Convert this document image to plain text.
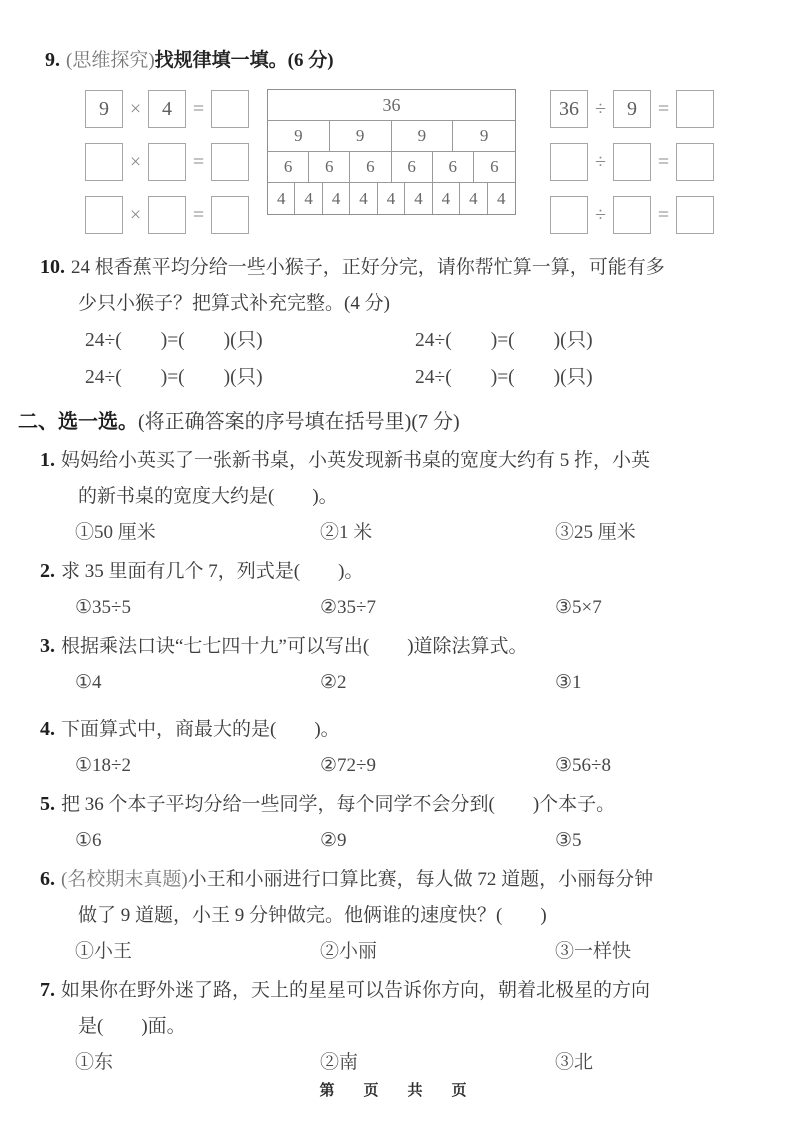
9. (思维探究)找规律填一填。(6 分)
9	×	4	=
×	=
×	=
36
9	9	9	9
6	6	6	6	6	6
4	4	4	4	4	4	4	4	4
36 ÷	9	=
÷	=
÷	=
10. 24 根香蕉平均分给一些小猴子，正好分完，请你帮忙算一算，可能有多
少只小猴子？把算式补充完整。(4 分)
24÷(　　)=(　　)(只)	24÷(　　)=(　　)(只)
24÷(　　)=(　　)(只)	24÷(　　)=(　　)(只)
二、选一选。(将正确答案的序号填在括号里)(7 分)
1. 妈妈给小英买了一张新书桌，小英发现新书桌的宽度大约有 5 拃，小英
的新书桌的宽度大约是(　　)。
①50 厘米	②1 米	③25 厘米
2. 求 35 里面有几个 7，列式是(　　)。
①35÷5	②35÷7	③5×7
3. 根据乘法口诀“七七四十九”可以写出(　　)道除法算式。
①4	②2	③1
4. 下面算式中，商最大的是(　　)。
①18÷2	②72÷9	③56÷8
5. 把 36 个本子平均分给一些同学，每个同学不会分到(　　)个本子。
①6	②9	③5
6. (名校期末真题)小王和小丽进行口算比赛，每人做 72 道题，小丽每分钟
做了 9 道题，小王 9 分钟做完。他俩谁的速度快？(　　)
①小王	②小丽	③一样快
7. 如果你在野外迷了路，天上的星星可以告诉你方向，朝着北极星的方向
是(　　)面。
①东	②南	③北
第　页　共　页
